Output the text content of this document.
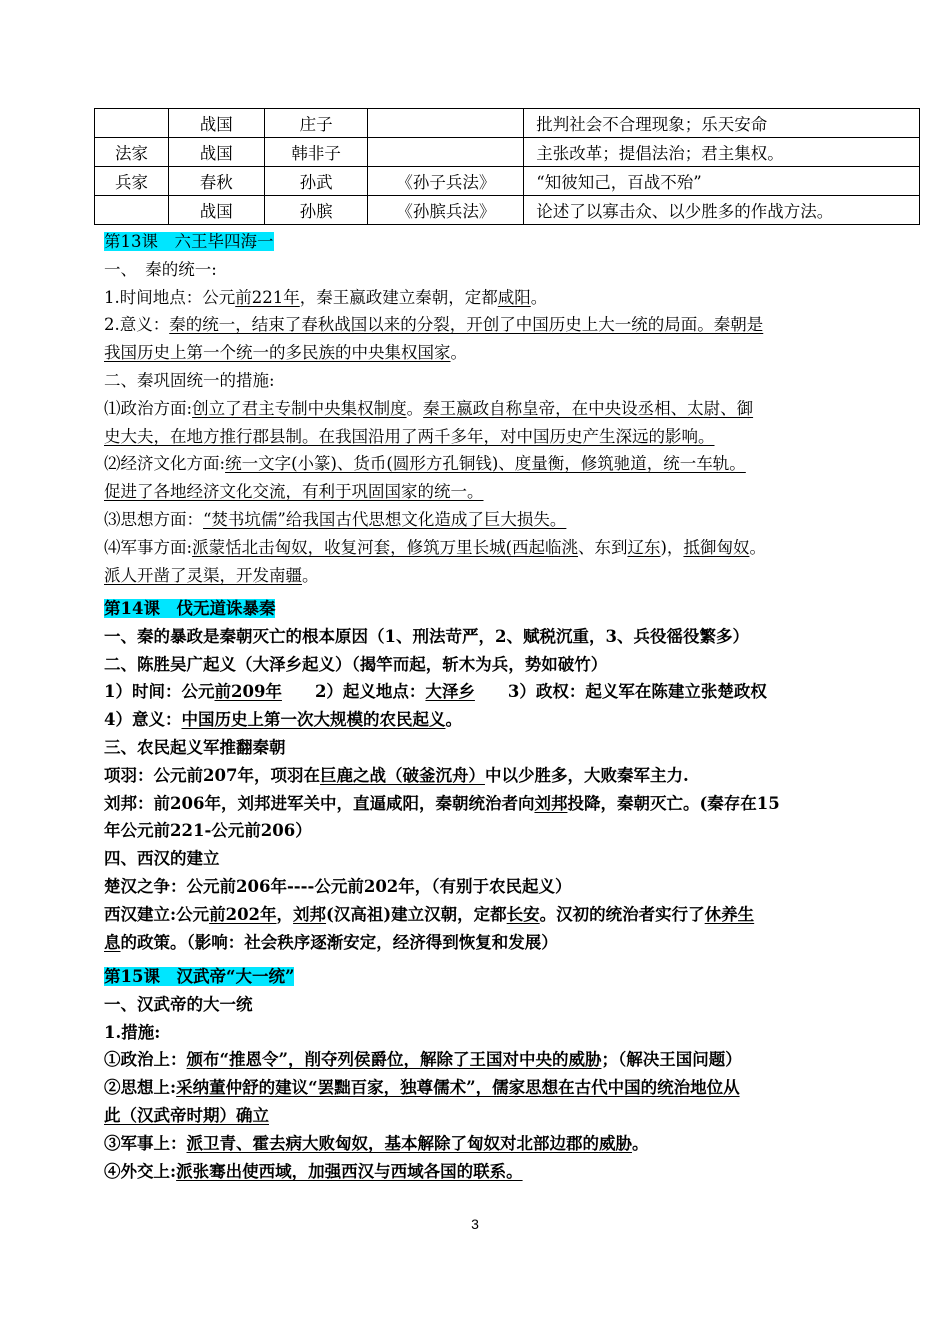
	战国	庄子		批判社会不合理现象；乐天安命
法家	战国	韩非子		主张改革；提倡法治；君主集权。
兵家	春秋	孙武	《孙子兵法》	“知彼知己，百战不殆”
	战国	孙膑	《孙膑兵法》	论述了以寡击众、以少胜多的作战方法。
第13课　六王毕四海一
一、　秦的统一:
1.时间地点：公元前221年，秦王嬴政建立秦朝，定都咸阳。
2.意义：秦的统一，结束了春秋战国以来的分裂，开创了中国历史上大一统的局面。秦朝是
我国历史上第一个统一的多民族的中央集权国家。
二、秦巩固统一的措施:
⑴政治方面:创立了君主专制中央集权制度。秦王嬴政自称皇帝，在中央设丞相、太尉、御
史大夫，在地方推行郡县制。在我国沿用了两千多年，对中国历史产生深远的影响。
⑵经济文化方面:统一文字(小篆)、货币(圆形方孔铜钱)、度量衡，修筑驰道，统一车轨。
促进了各地经济文化交流，有利于巩固国家的统一。
⑶思想方面：“焚书坑儒”给我国古代思想文化造成了巨大损失。
⑷军事方面:派蒙恬北击匈奴，收复河套，修筑万里长城(西起临洮、东到辽东)，抵御匈奴。
派人开凿了灵渠，开发南疆。
第14课　伐无道诛暴秦
一、秦的暴政是秦朝灭亡的根本原因（1、刑法苛严，2、赋税沉重，3、兵役徭役繁多）
二、陈胜吴广起义（大泽乡起义）（揭竿而起，斩木为兵，势如破竹）
1）时间：公元前209年　　2）起义地点：大泽乡　　3）政权：起义军在陈建立张楚政权
4）意义：中国历史上第一次大规模的农民起义。
三、农民起义军推翻秦朝
项羽：公元前207年，项羽在巨鹿之战（破釜沉舟）中以少胜多，大败秦军主力.
刘邦：前206年，刘邦进军关中，直逼咸阳，秦朝统治者向刘邦投降，秦朝灭亡。(秦存在15
年公元前221-公元前206）
四、西汉的建立
楚汉之争：公元前206年----公元前202年，（有别于农民起义）
西汉建立:公元前202年，刘邦(汉高祖)建立汉朝，定都长安。汉初的统治者实行了休养生
息的政策。（影响：社会秩序逐渐安定，经济得到恢复和发展）
第15课　汉武帝“大一统”
一、汉武帝的大一统
1.措施:
①政治上：颁布“推恩令”，削夺列侯爵位，解除了王国对中央的威胁；（解决王国问题）
②思想上:采纳董仲舒的建议“罢黜百家，独尊儒术”，儒家思想在古代中国的统治地位从
此（汉武帝时期）确立
③军事上：派卫青、霍去病大败匈奴，基本解除了匈奴对北部边郡的威胁。
④外交上:派张骞出使西域，加强西汉与西域各国的联系。
3
